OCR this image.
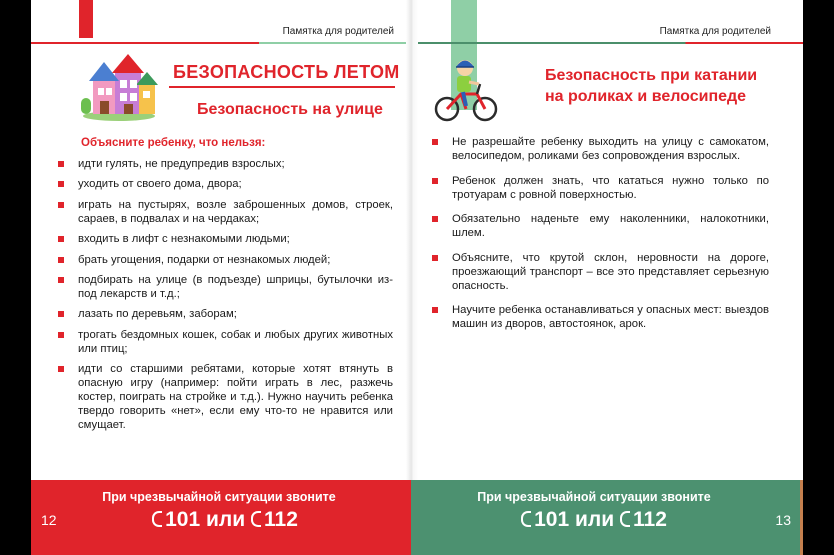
Памятка для родителей
БЕЗОПАСНОСТЬ ЛЕТОМ
Безопасность на улице
Объясните ребенку, что нельзя:
идти гулять, не предупредив взрослых;
уходить от своего дома, двора;
играть на пустырях, возле заброшенных домов, строек, сараев, в подвалах и на чердаках;
входить в лифт с незнакомыми людьми;
брать угощения, подарки от незнакомых людей;
подбирать на улице (в подъезде) шприцы, бутылочки из-под лекарств и т.д.;
лазать по деревьям, заборам;
трогать бездомных кошек, собак и любых других животных или птиц;
идти со старшими ребятами, которые хотят втянуть в опасную игру (например: пойти играть в лес, разжечь костер, поиграть на стройке и т.д.). Нужно научить ребенка твердо говорить «нет», если ему что-то не нравится или смущает.
12
При чрезвычайной ситуации звоните
101 или 112
Памятка для родителей
Безопасность при катании
на роликах и велосипеде
Не разрешайте ребенку выходить на улицу с самокатом, велосипедом, роликами без сопровождения взрослых.
Ребенок должен знать, что кататься нужно только по тротуарам с ровной поверхностью.
Обязательно наденьте ему наколенники, налокотники, шлем.
Объясните, что крутой склон, неровности на дороге, проезжающий транспорт – все это представляет серьезную опасность.
Научите ребенка останавливаться у опасных мест: выездов машин из дворов, автостоянок, арок.
При чрезвычайной ситуации звоните
101 или 112	13
